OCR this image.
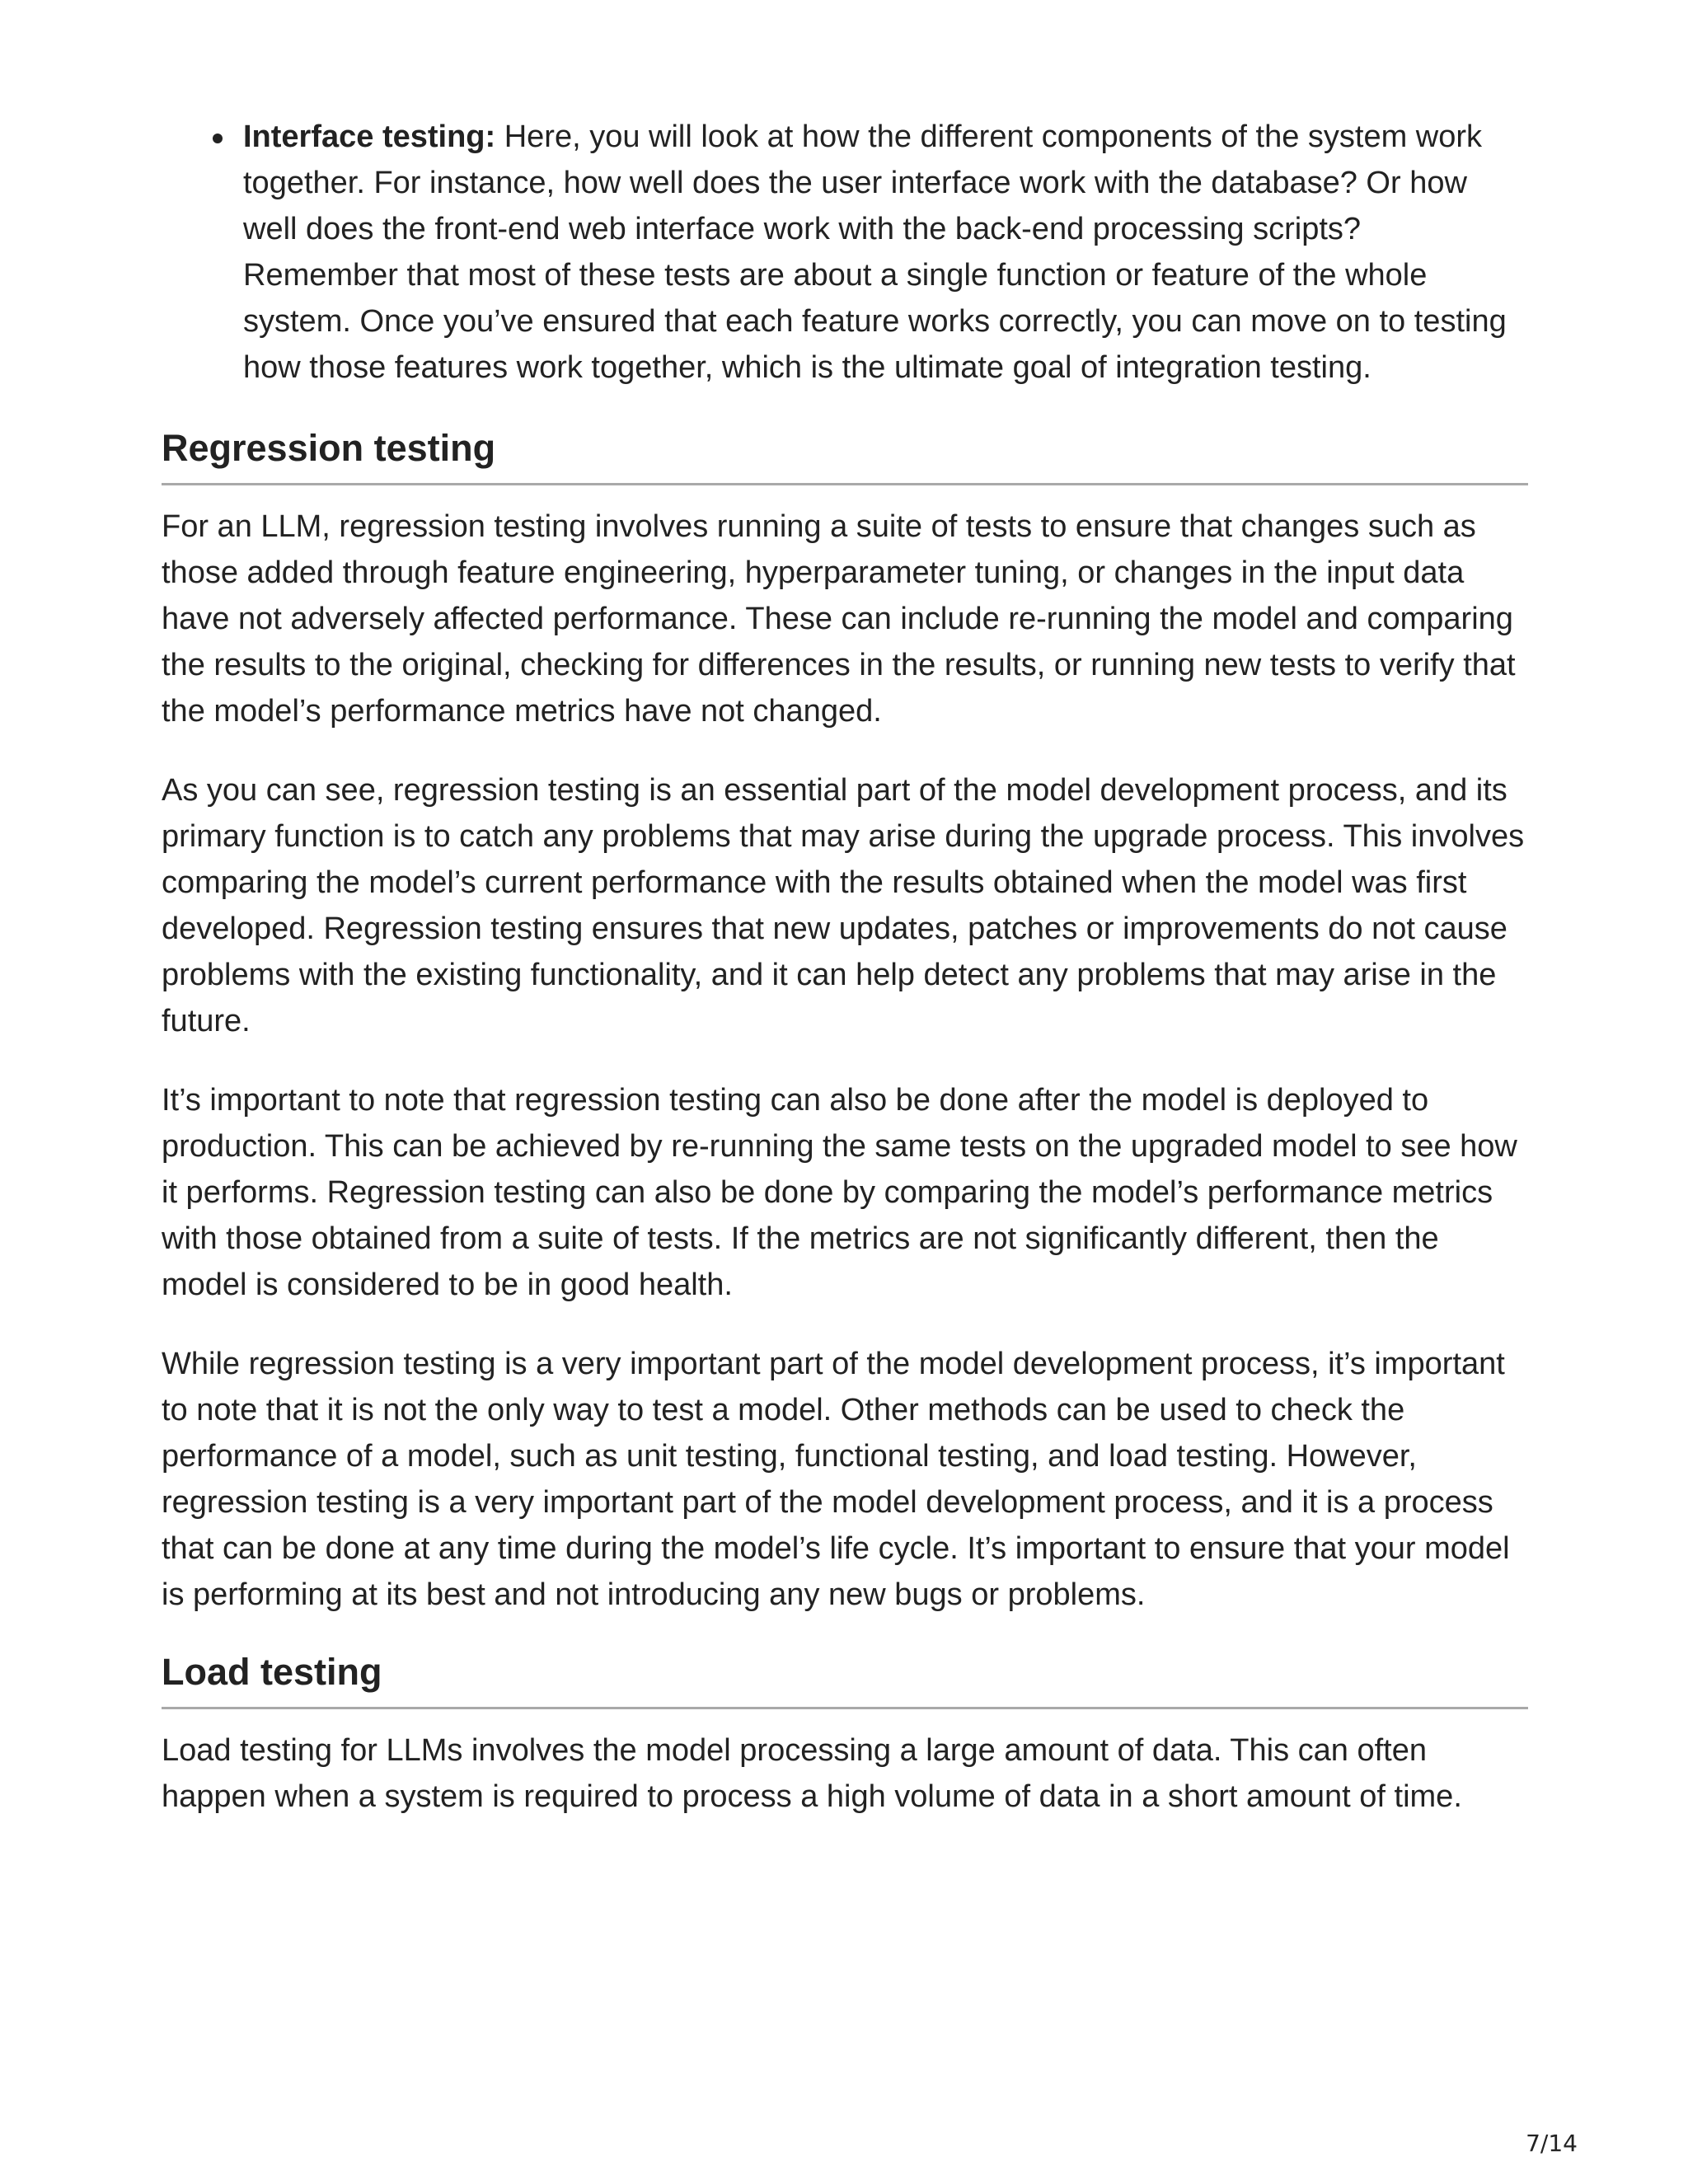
Interface testing: Here, you will look at how the different components of the system work together. For instance, how well does the user interface work with the database? Or how well does the front-end web interface work with the back-end processing scripts?

Remember that most of these tests are about a single function or feature of the whole system. Once you’ve ensured that each feature works correctly, you can move on to testing how those features work together, which is the ultimate goal of integration testing.

Regression testing

For an LLM, regression testing involves running a suite of tests to ensure that changes such as those added through feature engineering, hyperparameter tuning, or changes in the input data have not adversely affected performance. These can include re-running the model and comparing the results to the original, checking for differences in the results, or running new tests to verify that the model’s performance metrics have not changed.

As you can see, regression testing is an essential part of the model development process, and its primary function is to catch any problems that may arise during the upgrade process. This involves comparing the model’s current performance with the results obtained when the model was first developed. Regression testing ensures that new updates, patches or improvements do not cause problems with the existing functionality, and it can help detect any problems that may arise in the future.

It’s important to note that regression testing can also be done after the model is deployed to production. This can be achieved by re-running the same tests on the upgraded model to see how it performs. Regression testing can also be done by comparing the model’s performance metrics with those obtained from a suite of tests. If the metrics are not significantly different, then the model is considered to be in good health.

While regression testing is a very important part of the model development process, it’s important to note that it is not the only way to test a model. Other methods can be used to check the performance of a model, such as unit testing, functional testing, and load testing. However, regression testing is a very important part of the model development process, and it is a process that can be done at any time during the model’s life cycle. It’s important to ensure that your model is performing at its best and not introducing any new bugs or problems.

Load testing

Load testing for LLMs involves the model processing a large amount of data. This can often happen when a system is required to process a high volume of data in a short amount of time.

7/14
